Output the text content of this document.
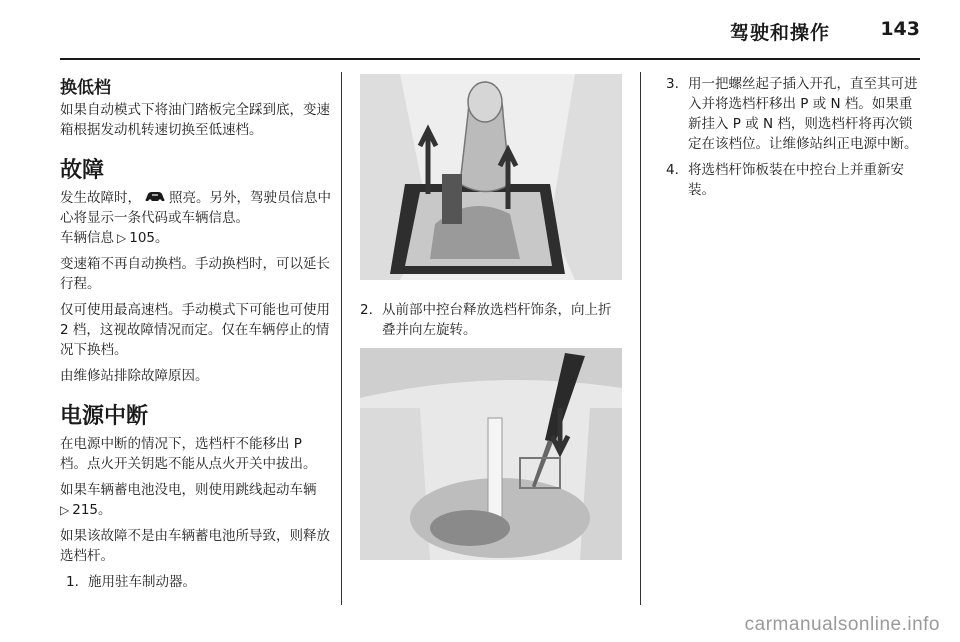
驾驶和操作	143
换低档

如果自动模式下将油门踏板完全踩到底，变速箱根据发动机转速切换至低速档。

故障

发生故障时， 照亮。另外，驾驶员信息中心将显示一条代码或车辆信息。
车辆信息 ▷ 105。

变速箱不再自动换档。手动换档时，可以延长行程。

仅可使用最高速档。手动模式下可能也可使用 2 档，这视故障情况而定。仅在车辆停止的情况下换档。

由维修站排除故障原因。

电源中断

在电源中断的情况下，选档杆不能移出 P 档。点火开关钥匙不能从点火开关中拔出。

如果车辆蓄电池没电，则使用跳线起动车辆
▷ 215。

如果该故障不是由车辆蓄电池所导致，则释放选档杆。

1. 施用驻车制动器。
2. 从前部中控台释放选档杆饰条，向上折叠并向左旋转。
3. 用一把螺丝起子插入开孔，直至其可进入并将选档杆移出 P 或 N 档。如果重新挂入 P 或 N 档，则选档杆将再次锁定在该档位。让维修站纠正电源中断。
4. 将选档杆饰板装在中控台上并重新安装。
carmanualsonline.info
